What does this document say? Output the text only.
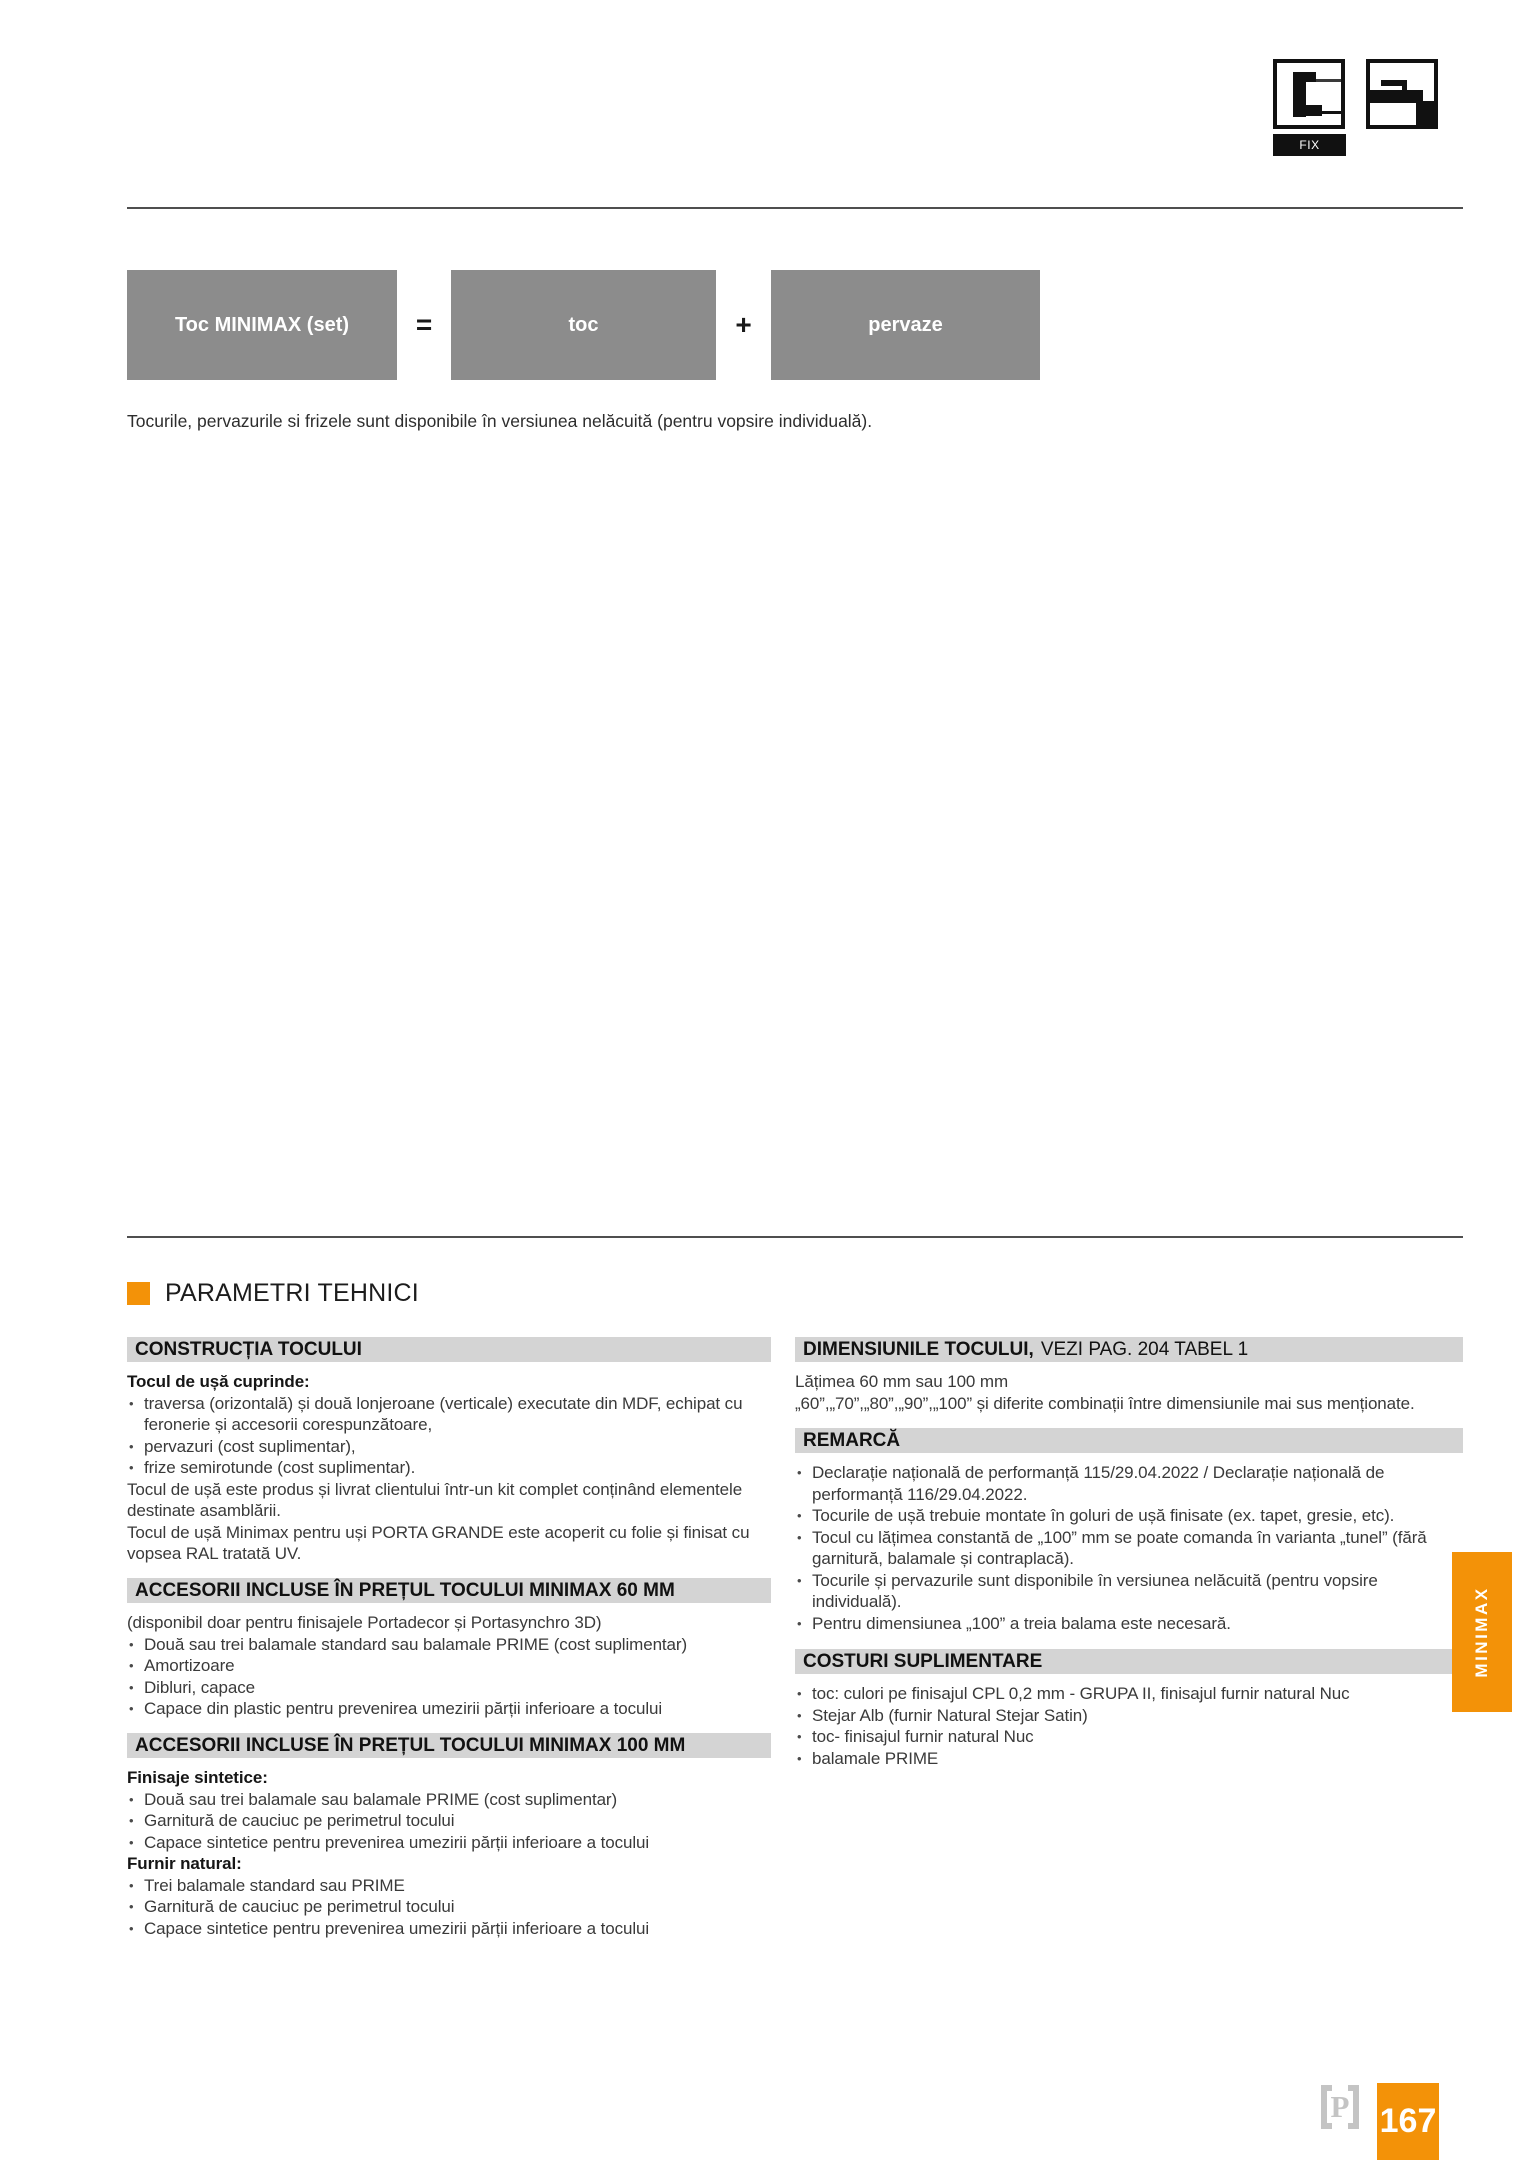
FIX
Toc MINIMAX (set) =	toc	+	pervaze
Tocurile, pervazurile si frizele sunt disponibile în versiunea nelăcuită (pentru vopsire individuală).
PARAMETRI TEHNICI
CONSTRUCȚIA TOCULUI
Tocul de ușă cuprinde:
• traversa (orizontală) și două lonjeroane (verticale) executate din MDF, echipat cu feronerie și accesorii corespunzătoare,
• pervazuri (cost suplimentar),
• frize semirotunde (cost suplimentar).
Tocul de ușă este produs și livrat clientului într-un kit complet conținând elementele destinate asamblării.
Tocul de ușă Minimax pentru uși PORTA GRANDE este acoperit cu folie și finisat cu vopsea RAL tratată UV.
ACCESORII INCLUSE ÎN PREȚUL TOCULUI MINIMAX 60 MM
(disponibil doar pentru finisajele Portadecor și Portasynchro 3D)
• Două sau trei balamale standard sau balamale PRIME (cost suplimentar)
• Amortizoare
• Dibluri, capace
• Capace din plastic pentru prevenirea umezirii părții inferioare a tocului
ACCESORII INCLUSE ÎN PREȚUL TOCULUI MINIMAX 100 MM
Finisaje sintetice:
• Două sau trei balamale sau balamale PRIME (cost suplimentar)
• Garnitură de cauciuc pe perimetrul tocului
• Capace sintetice pentru prevenirea umezirii părții inferioare a tocului
Furnir natural:
• Trei balamale standard sau PRIME
• Garnitură de cauciuc pe perimetrul tocului
• Capace sintetice pentru prevenirea umezirii părții inferioare a tocului
DIMENSIUNILE TOCULUI, VEZI PAG. 204 TABEL 1
Lățimea 60 mm sau 100 mm
„60”,„70”,„80”,„90”,„100” și diferite combinații între dimensiunile mai sus menționate.
REMARCĂ
• Declarație națională de performanță 115/29.04.2022 / Declarație națională de performanță 116/29.04.2022.
• Tocurile de ușă trebuie montate în goluri de ușă finisate (ex. tapet, gresie, etc).
• Tocul cu lățimea constantă de „100” mm se poate comanda în varianta „tunel” (fără garnitură, balamale și contraplacă).
• Tocurile și pervazurile sunt disponibile în versiunea nelăcuită (pentru vopsire individuală).
• Pentru dimensiunea „100” a treia balama este necesară.
COSTURI SUPLIMENTARE
• toc: culori pe finisajul CPL 0,2 mm - GRUPA II, finisajul furnir natural Nuc
• Stejar Alb (furnir Natural Stejar Satin)
• toc- finisajul furnir natural Nuc
• balamale PRIME
MINIMAX
P 167
